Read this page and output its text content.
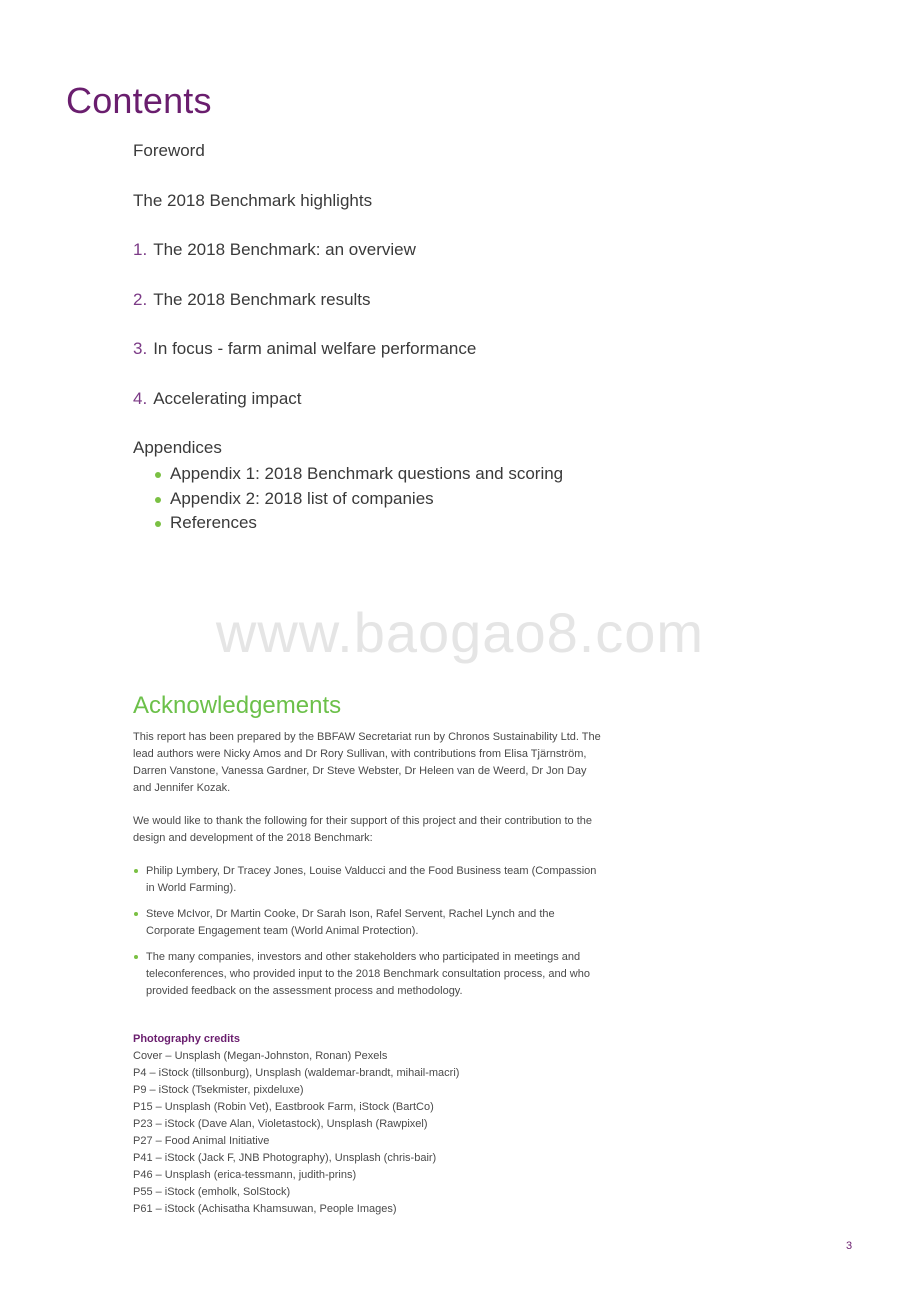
Contents
Foreword
The 2018 Benchmark highlights
1. The 2018 Benchmark: an overview
2. The 2018 Benchmark results
3. In focus - farm animal welfare performance
4. Accelerating impact
Appendices
Appendix 1: 2018 Benchmark questions and scoring
Appendix 2: 2018 list of companies
References
www.baogao8.com
Acknowledgements

This report has been prepared by the BBFAW Secretariat run by Chronos Sustainability Ltd. The lead authors were Nicky Amos and Dr Rory Sullivan, with contributions from Elisa Tjärnström, Darren Vanstone, Vanessa Gardner, Dr Steve Webster, Dr Heleen van de Weerd, Dr Jon Day and Jennifer Kozak.

We would like to thank the following for their support of this project and their contribution to the design and development of the 2018 Benchmark:

Philip Lymbery, Dr Tracey Jones, Louise Valducci and the Food Business team (Compassion in World Farming).
Steve McIvor, Dr Martin Cooke, Dr Sarah Ison, Rafel Servent, Rachel Lynch and the Corporate Engagement team (World Animal Protection).
The many companies, investors and other stakeholders who participated in meetings and teleconferences, who provided input to the 2018 Benchmark consultation process, and who provided feedback on the assessment process and methodology.
Photography credits
Cover – Unsplash (Megan-Johnston, Ronan) Pexels
P4 – iStock (tillsonburg), Unsplash (waldemar-brandt, mihail-macri)
P9 – iStock (Tsekmister, pixdeluxe)
P15 – Unsplash (Robin Vet), Eastbrook Farm, iStock (BartCo)
P23 – iStock (Dave Alan, Violetastock), Unsplash (Rawpixel)
P27 – Food Animal Initiative
P41 – iStock (Jack F, JNB Photography), Unsplash (chris-bair)
P46 – Unsplash (erica-tessmann, judith-prins)
P55 – iStock (emholk, SolStock)
P61 – iStock (Achisatha Khamsuwan, People Images)
3
